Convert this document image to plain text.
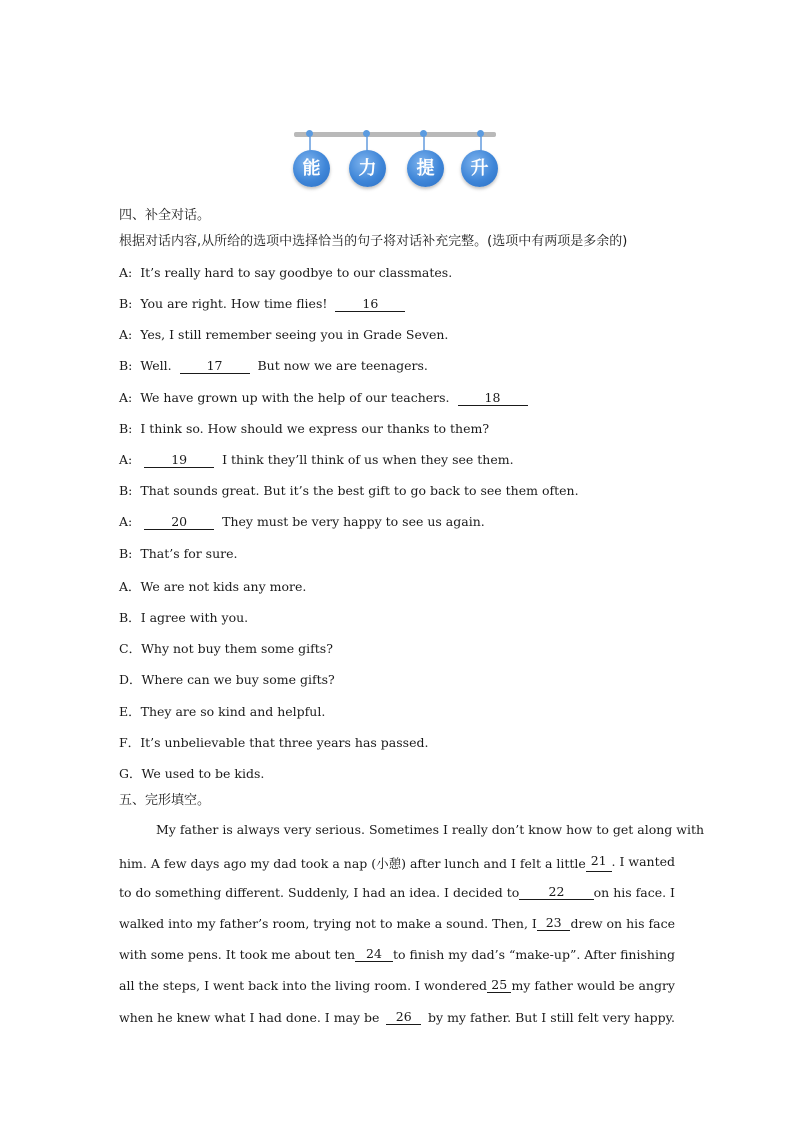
能	力	提	升
四、补全对话。
根据对话内容,从所给的选项中选择恰当的句子将对话补充完整。(选项中有两项是多余的)
A: It’s really hard to say goodbye to our classmates.
B: You are right. How time flies!	16
A: Yes, I still remember seeing you in Grade Seven.
B: Well.	17	But now we are teenagers.
A: We have grown up with the help of our teachers.	18
B: I think so. How should we express our thanks to them?
A:	19	I think they’ll think of us when they see them.
B: That sounds great. But it’s the best gift to go back to see them often.
A:	20	They must be very happy to see us again.
B: That’s for sure.
A．We are not kids any more.
B．I agree with you.
C．Why not buy them some gifts?
D．Where can we buy some gifts?
E．They are so kind and helpful.
F．It’s unbelievable that three years has passed.
G．We used to be kids.
五、完形填空。
My father is always very serious. Sometimes I really don’t know how to get along with
him. A few days ago my dad took a nap (小憩) after lunch and I felt a little 21 . I wanted
to do something different. Suddenly, I had an idea. I decided to	22	on his face. I
walked into my father’s room, trying not to make a sound. Then, I 23 drew on his face
with some pens. It took me about ten 24 to finish my dad’s “make-up”. After finishing
all the steps, I went back into the living room. I wondered 25 my father would be angry
when he knew what I had done. I may be	26	by my father. But I still felt very happy.
